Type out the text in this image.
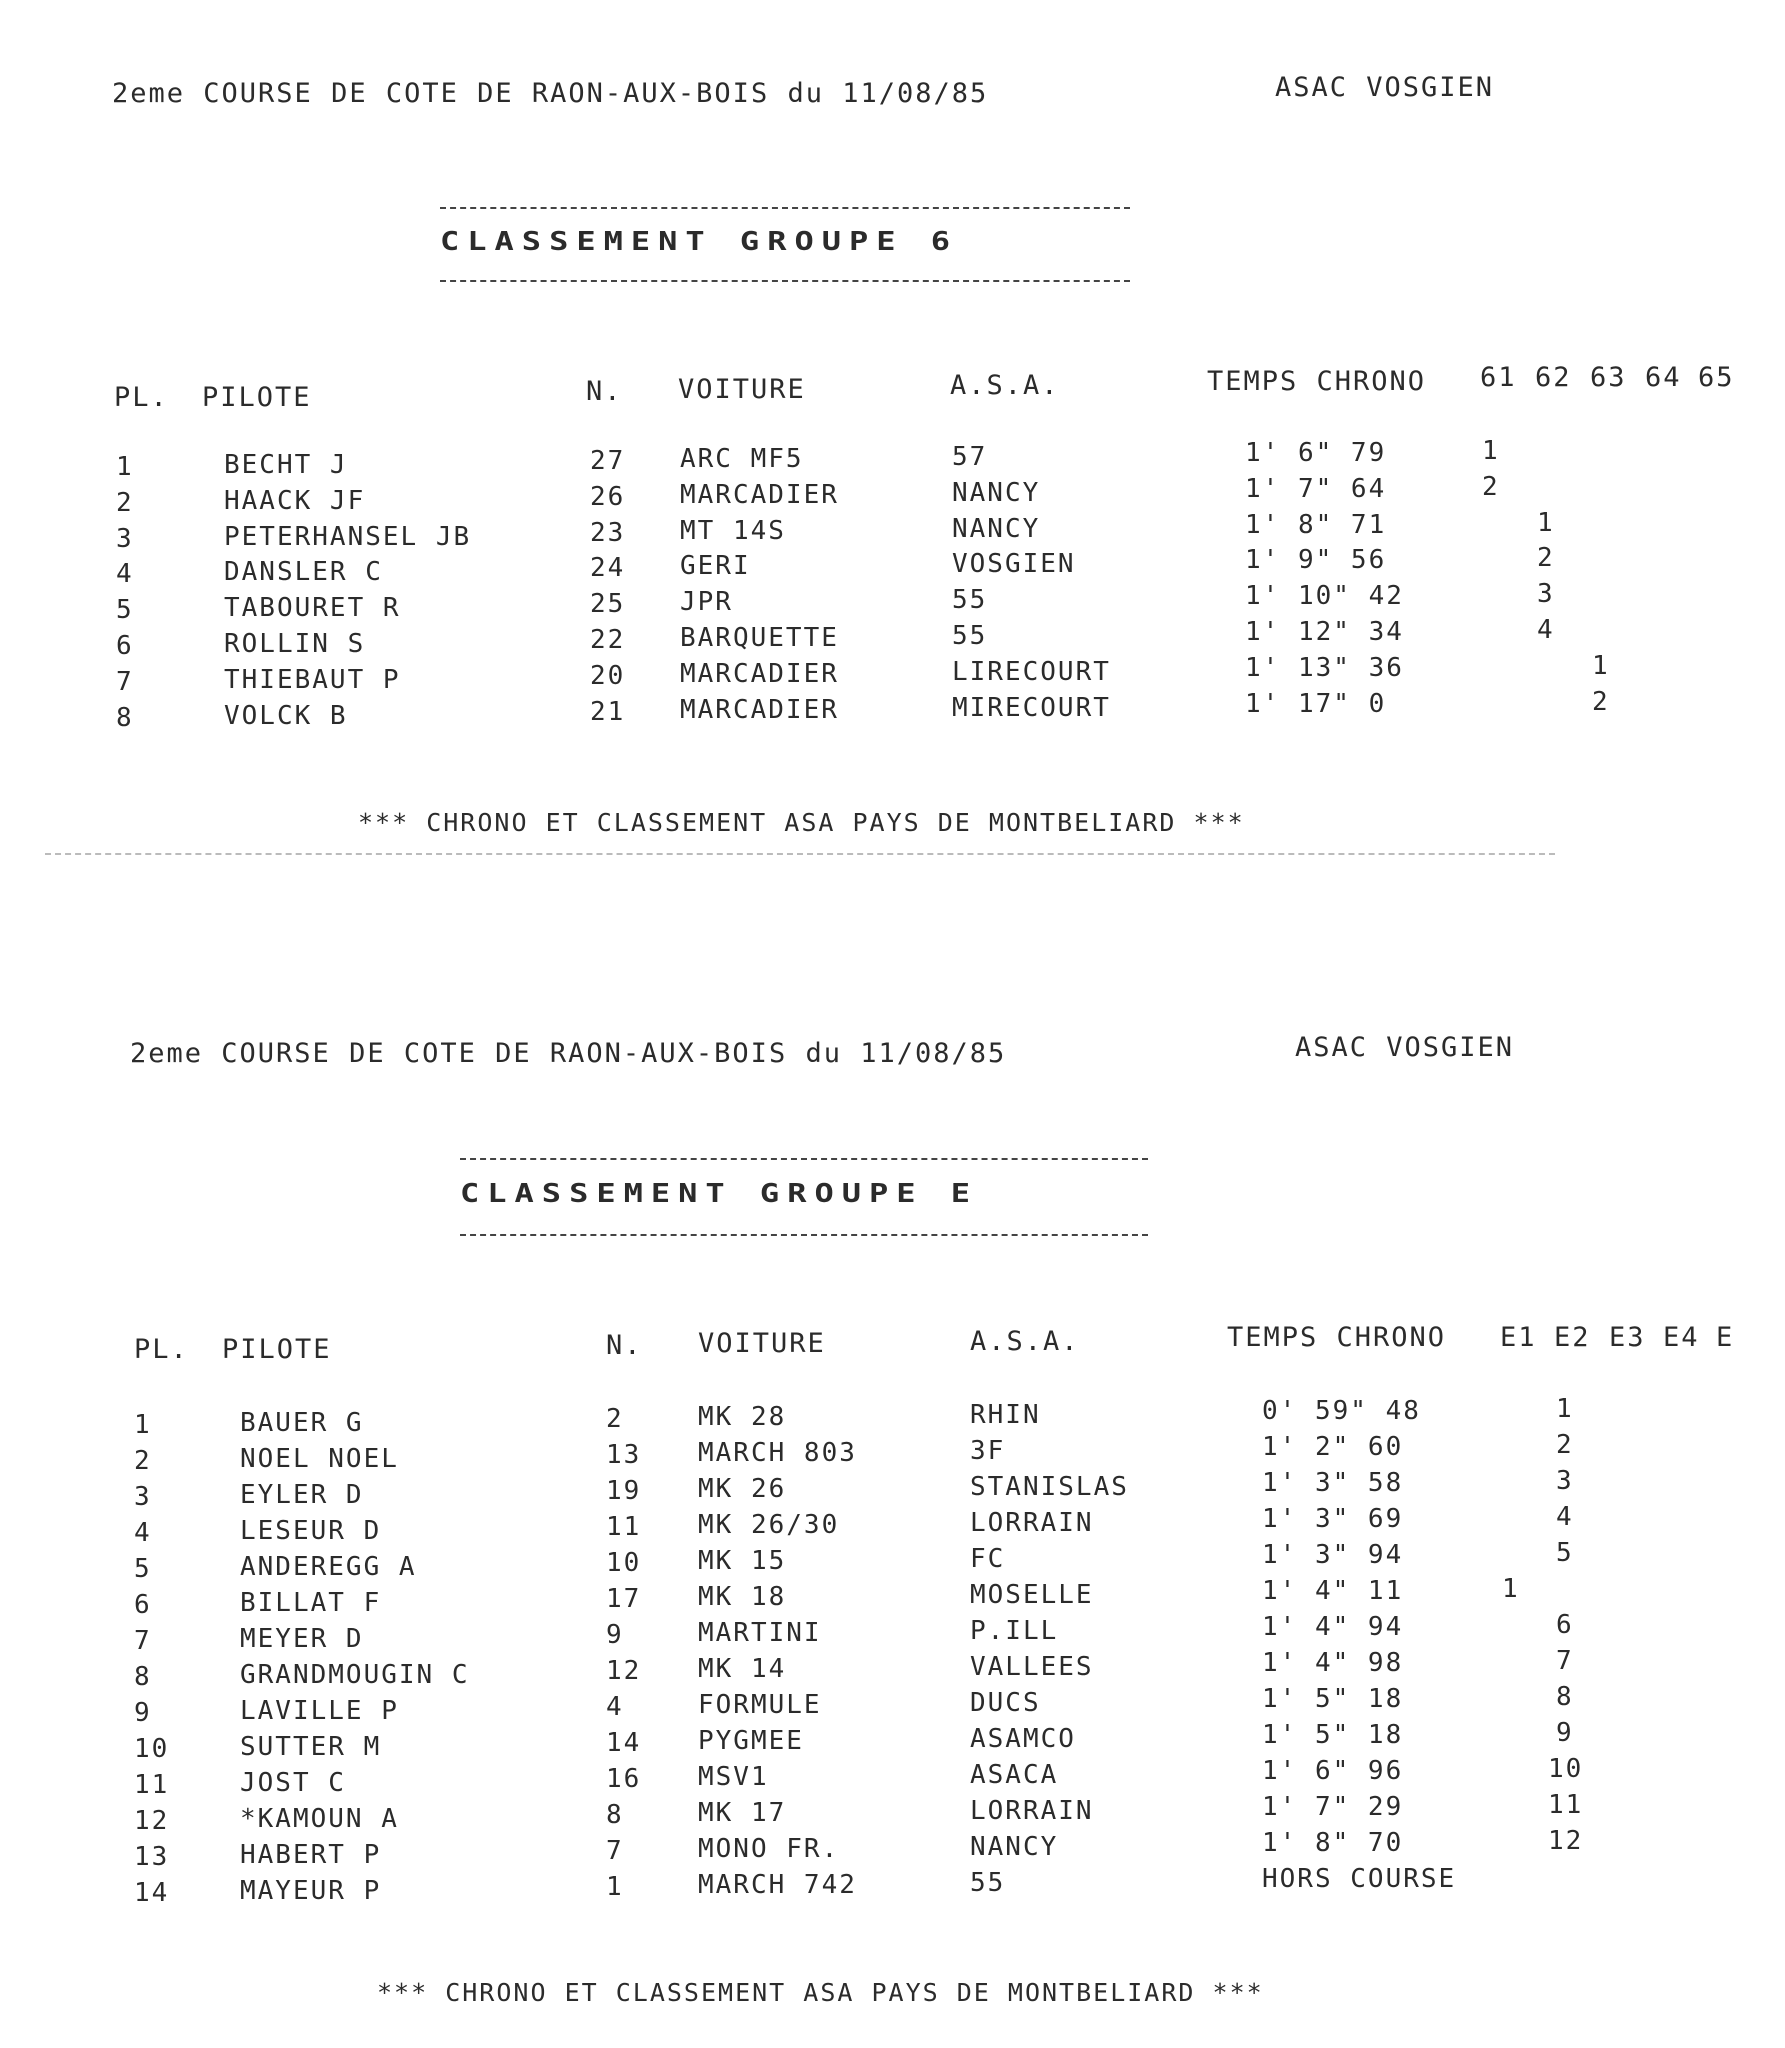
2eme COURSE DE COTE DE RAON-AUX-BOIS du 11/08/85	ASAC VOSGIEN
CLASSEMENT GROUPE 6
PL. PILOTE	N. VOITURE	A.S.A.	TEMPS CHRONO 61 62 63 64 65
1	BECHT J	27 ARC MF5	57	1' 6" 79	1
2	HAACK JF	26 MARCADIER	NANCY	1' 7" 64	2
3	PETERHANSEL JB	23 MT 14S	NANCY	1' 8" 71	1
4	DANSLER C	24 GERI	VOSGIEN	1' 9" 56	2
5	TABOURET R	25 JPR	55	1' 10" 42	3
6	ROLLIN S	22 BARQUETTE	55	1' 12" 34	4
7	THIEBAUT P	20 MARCADIER	LIRECOURT	1' 13" 36	1
8	VOLCK B	21 MARCADIER	MIRECOURT	1' 17" 0	2
*** CHRONO ET CLASSEMENT ASA PAYS DE MONTBELIARD ***
2eme COURSE DE COTE DE RAON-AUX-BOIS du 11/08/85	ASAC VOSGIEN
CLASSEMENT GROUPE E
PL. PILOTE	N. VOITURE	A.S.A.	TEMPS CHRONO E1 E2 E3 E4 E
1	BAUER G	2	MK 28	RHIN	0' 59" 48	1
2	NOEL NOEL	13 MARCH 803	3F	1' 2" 60	2
3	EYLER D	19 MK 26	STANISLAS	1' 3" 58	3
4	LESEUR D	11 MK 26/30	LORRAIN	1' 3" 69	4
5	ANDEREGG A	10 MK 15	FC	1' 3" 94	5
6	BILLAT F	17 MK 18	MOSELLE	1' 4" 11	1
7	MEYER D	9	MARTINI	P.ILL	1' 4" 94	6
8	GRANDMOUGIN C	12 MK 14	VALLEES	1' 4" 98	7
9	LAVILLE P	4	FORMULE	DUCS	1' 5" 18	8
10	SUTTER M	14 PYGMEE	ASAMCO	1' 5" 18	9
11	JOST C	16 MSV1	ASACA	1' 6" 96	10
12	*KAMOUN A	8	MK 17	LORRAIN	1' 7" 29	11
13	HABERT P	7	MONO FR.	NANCY	1' 8" 70	12
14	MAYEUR P	1	MARCH 742	55	HORS COURSE
*** CHRONO ET CLASSEMENT ASA PAYS DE MONTBELIARD ***
